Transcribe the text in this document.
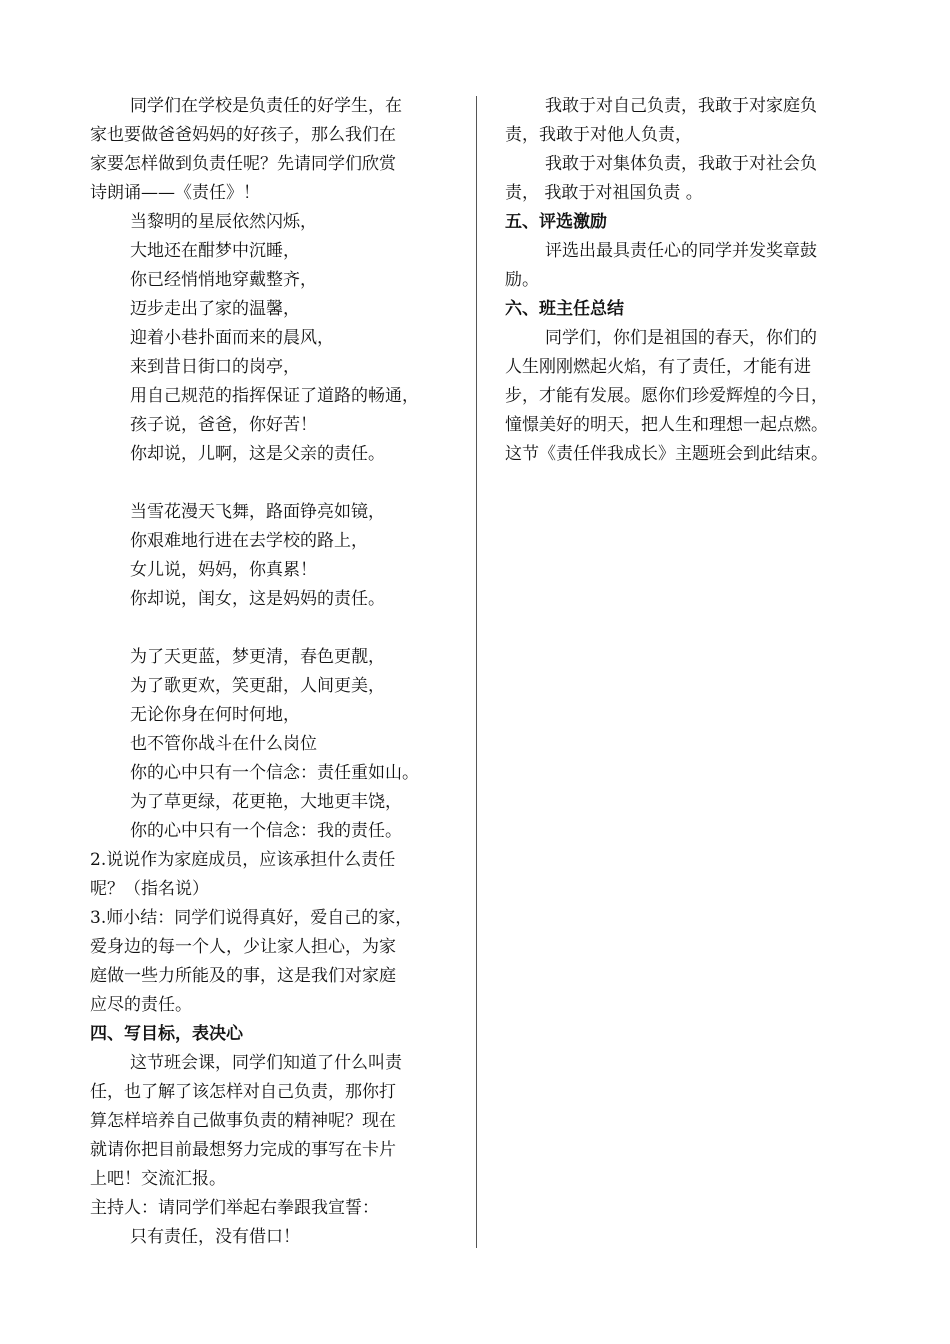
同学们在学校是负责任的好学生，在
家也要做爸爸妈妈的好孩子，那么我们在
家要怎样做到负责任呢？先请同学们欣赏
诗朗诵——《责任》！
当黎明的星辰依然闪烁，
大地还在酣梦中沉睡，
你已经悄悄地穿戴整齐，
迈步走出了家的温馨，
迎着小巷扑面而来的晨风，
来到昔日街口的岗亭，
用自己规范的指挥保证了道路的畅通，
孩子说，爸爸，你好苦！
你却说，儿啊，这是父亲的责任。
当雪花漫天飞舞，路面铮亮如镜，
你艰难地行进在去学校的路上，
女儿说，妈妈，你真累！
你却说，闺女，这是妈妈的责任。
为了天更蓝，梦更清，春色更靓，
为了歌更欢，笑更甜，人间更美，
无论你身在何时何地，
也不管你战斗在什么岗位
你的心中只有一个信念：责任重如山。
为了草更绿，花更艳，大地更丰饶，
你的心中只有一个信念：我的责任。
2.说说作为家庭成员，应该承担什么责任
呢？（指名说）
3.师小结：同学们说得真好，爱自己的家，
爱身边的每一个人，少让家人担心，为家
庭做一些力所能及的事，这是我们对家庭
应尽的责任。
四、写目标，表决心
这节班会课，同学们知道了什么叫责
任，也了解了该怎样对自己负责，那你打
算怎样培养自己做事负责的精神呢？现在
就请你把目前最想努力完成的事写在卡片
上吧！交流汇报。
主持人：请同学们举起右拳跟我宣誓：
只有责任，没有借口！
我敢于对自己负责，我敢于对家庭负
责，我敢于对他人负责，
我敢于对集体负责，我敢于对社会负
责， 我敢于对祖国负责 。
五、评选激励
评选出最具责任心的同学并发奖章鼓
励。
六、班主任总结
同学们，你们是祖国的春天，你们的
人生刚刚燃起火焰，有了责任，才能有进
步，才能有发展。愿你们珍爱辉煌的今日，
憧憬美好的明天，把人生和理想一起点燃。
这节《责任伴我成长》主题班会到此结束。
